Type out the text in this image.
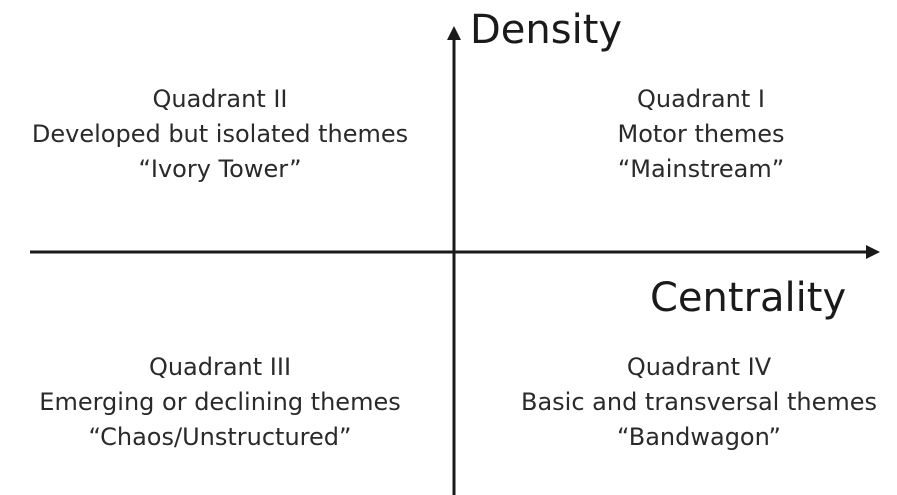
Density
Centrality
Quadrant II
Developed but isolated themes
“Ivory Tower”
Quadrant I
Motor themes
“Mainstream”
Quadrant III
Emerging or declining themes
“Chaos/Unstructured”
Quadrant IV
Basic and transversal themes
“Bandwagon”
